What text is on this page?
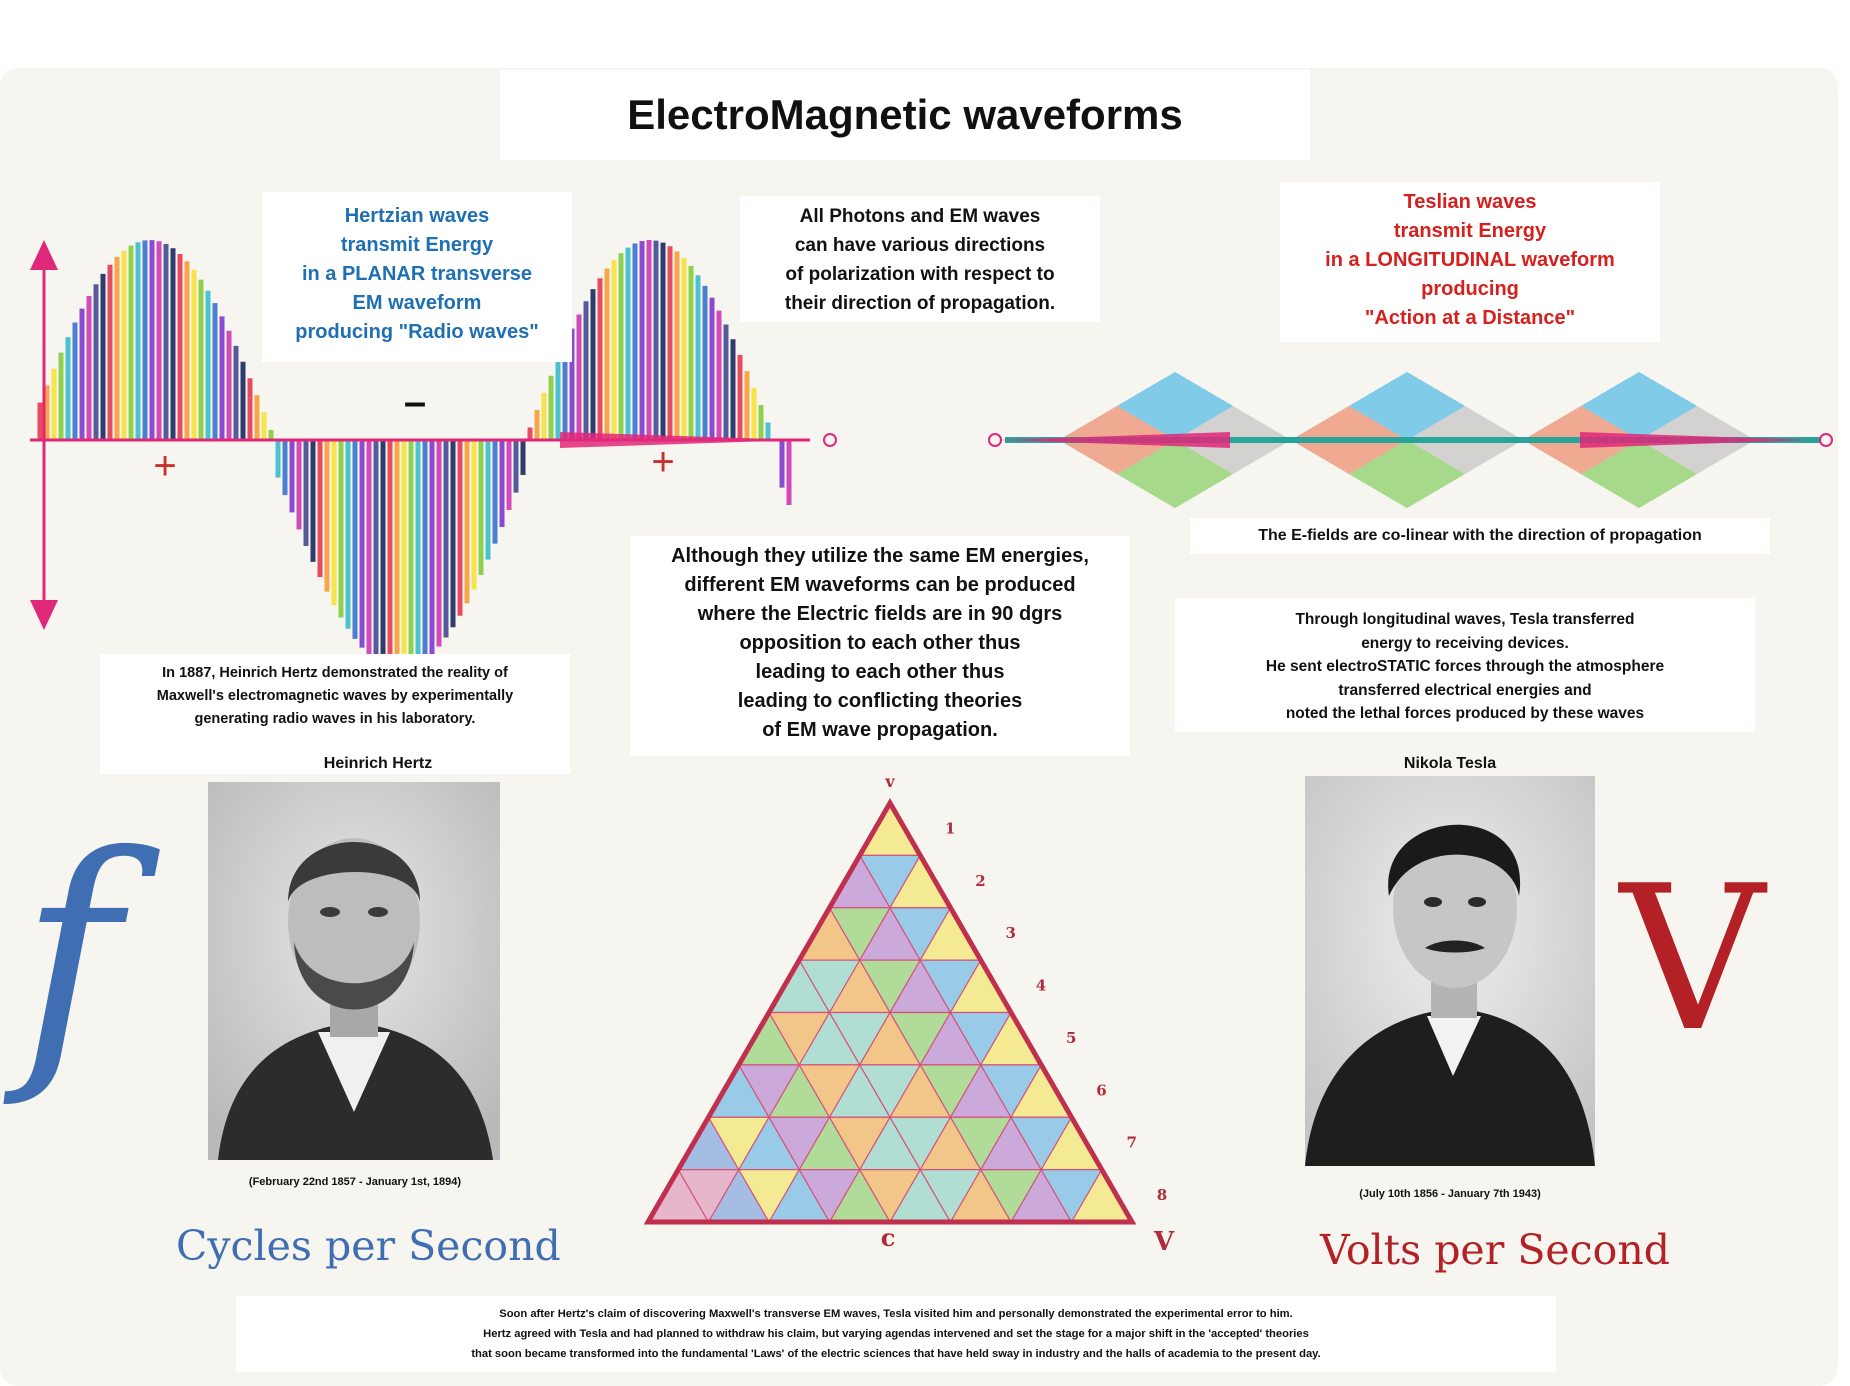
ElectroMagnetic waveforms
v
c	V
1
2
3
4
5
6
7
8
Hertzian waves
transmit Energy
in a PLANAR transverse
EM waveform
producing "Radio waves"
+
–
+
All Photons and EM waves
can have various directions
of polarization with respect to
their direction of propagation.
Teslian waves
transmit Energy
in a LONGITUDINAL waveform
producing
"Action at a Distance"
The E-fields are co-linear with the direction of propagation
Although they utilize the same EM energies,
different EM waveforms can be produced
where the Electric fields are in 90 dgrs
opposition to each other thus
leading to each other thus
leading to conflicting theories
of EM wave propagation.
In 1887, Heinrich Hertz demonstrated the reality of
Maxwell's electromagnetic waves by experimentally
generating radio waves in his laboratory.
Heinrich Hertz
Through longitudinal waves, Tesla transferred
energy to receiving devices.
He sent electroSTATIC forces through the atmosphere
transferred electrical energies and
noted the lethal forces produced by these waves
Nikola Tesla
(February 22nd 1857 - January 1st, 1894)
(July 10th 1856 - January 7th 1943)
f	V
Cycles per Second	Volts per Second
Soon after Hertz's claim of discovering Maxwell's transverse EM waves, Tesla visited him and personally demonstrated the experimental error to him.
Hertz agreed with Tesla and had planned to withdraw his claim, but varying agendas intervened and set the stage for a major shift in the 'accepted' theories
that soon became transformed into the fundamental 'Laws' of the electric sciences that have held sway in industry and the halls of academia to the present day.
